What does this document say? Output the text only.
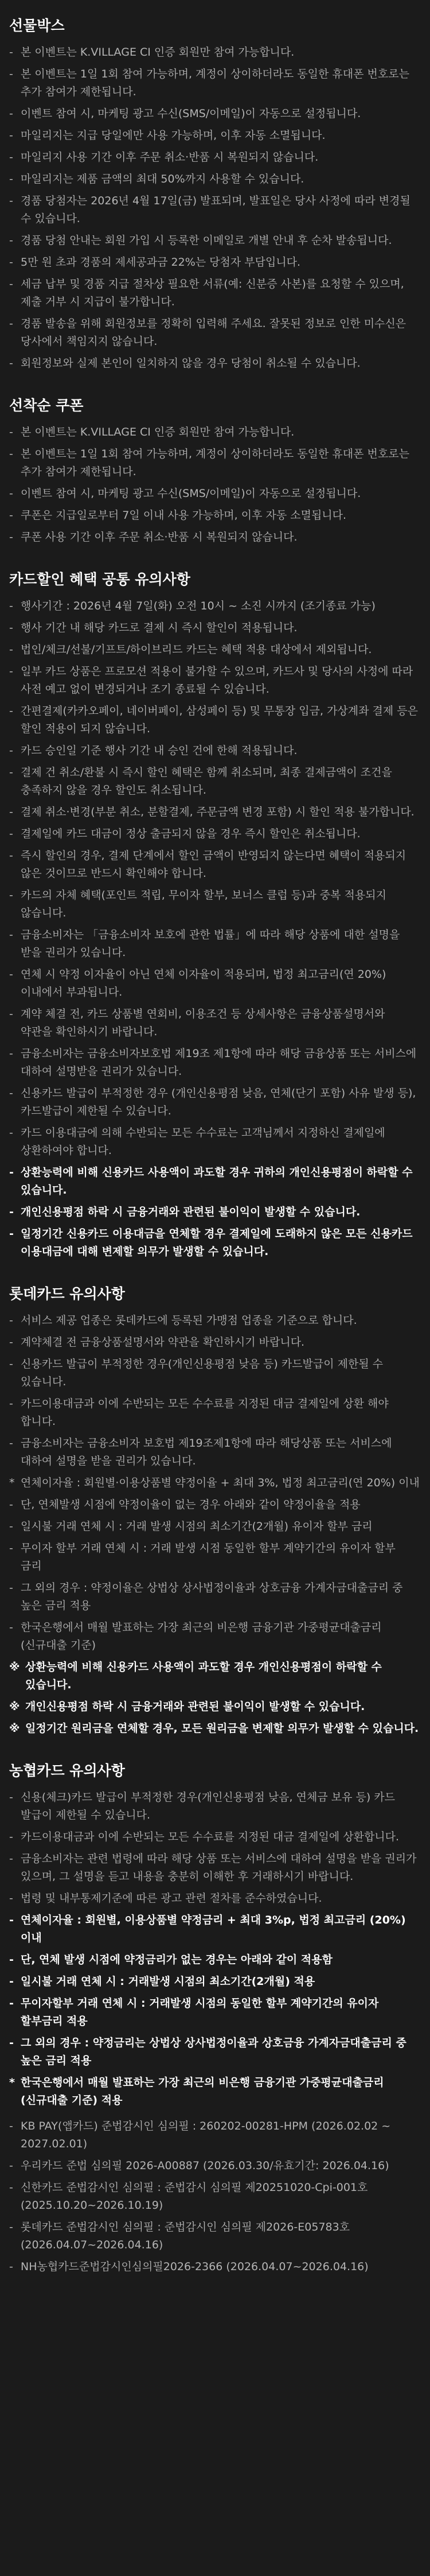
선물박스
- 본 이벤트는 K.VILLAGE CI 인증 회원만 참여 가능합니다.
- 본 이벤트는 1일 1회 참여 가능하며, 계정이 상이하더라도 동일한 휴대폰 번호로는 추가 참여가 제한됩니다.
- 이벤트 참여 시, 마케팅 광고 수신(SMS/이메일)이 자동으로 설정됩니다.
- 마일리지는 지급 당일에만 사용 가능하며, 이후 자동 소멸됩니다.
- 마일리지 사용 기간 이후 주문 취소·반품 시 복원되지 않습니다.
- 마일리지는 제품 금액의 최대 50%까지 사용할 수 있습니다.
- 경품 당첨자는 2026년 4월 17일(금) 발표되며, 발표일은 당사 사정에 따라 변경될 수 있습니다.
- 경품 당첨 안내는 회원 가입 시 등록한 이메일로 개별 안내 후 순차 발송됩니다.
- 5만 원 초과 경품의 제세공과금 22%는 당첨자 부담입니다.
- 세금 납부 및 경품 지급 절차상 필요한 서류(예: 신분증 사본)를 요청할 수 있으며, 제출 거부 시 지급이 불가합니다.
- 경품 발송을 위해 회원정보를 정확히 입력해 주세요. 잘못된 정보로 인한 미수신은 당사에서 책임지지 않습니다.
- 회원정보와 실제 본인이 일치하지 않을 경우 당첨이 취소될 수 있습니다.
선착순 쿠폰
- 본 이벤트는 K.VILLAGE CI 인증 회원만 참여 가능합니다.
- 본 이벤트는 1일 1회 참여 가능하며, 계정이 상이하더라도 동일한 휴대폰 번호로는 추가 참여가 제한됩니다.
- 이벤트 참여 시, 마케팅 광고 수신(SMS/이메일)이 자동으로 설정됩니다.
- 쿠폰은 지급일로부터 7일 이내 사용 가능하며, 이후 자동 소멸됩니다.
- 쿠폰 사용 기간 이후 주문 취소·반품 시 복원되지 않습니다.
카드할인 혜택 공통 유의사항
- 행사기간 : 2026년 4월 7일(화) 오전 10시 ~ 소진 시까지 (조기종료 가능)
- 행사 기간 내 해당 카드로 결제 시 즉시 할인이 적용됩니다.
- 법인/체크/선불/기프트/하이브리드 카드는 혜택 적용 대상에서 제외됩니다.
- 일부 카드 상품은 프로모션 적용이 불가할 수 있으며, 카드사 및 당사의 사정에 따라 사전 예고 없이 변경되거나 조기 종료될 수 있습니다.
- 간편결제(카카오페이, 네이버페이, 삼성페이 등) 및 무통장 입금, 가상계좌 결제 등은 할인 적용이 되지 않습니다.
- 카드 승인일 기준 행사 기간 내 승인 건에 한해 적용됩니다.
- 결제 건 취소/환불 시 즉시 할인 혜택은 함께 취소되며, 최종 결제금액이 조건을 충족하지 않을 경우 할인도 취소됩니다.
- 결제 취소·변경(부분 취소, 분할결제, 주문금액 변경 포함) 시 할인 적용 불가합니다.
- 결제일에 카드 대금이 정상 출금되지 않을 경우 즉시 할인은 취소됩니다.
- 즉시 할인의 경우, 결제 단계에서 할인 금액이 반영되지 않는다면 혜택이 적용되지 않은 것이므로 반드시 확인해야 합니다.
- 카드의 자체 혜택(포인트 적립, 무이자 할부, 보너스 클럽 등)과 중복 적용되지 않습니다.
- 금융소비자는 「금융소비자 보호에 관한 법률」에 따라 해당 상품에 대한 설명을 받을 권리가 있습니다.
- 연체 시 약정 이자율이 아닌 연체 이자율이 적용되며, 법정 최고금리(연 20%) 이내에서 부과됩니다.
- 계약 체결 전, 카드 상품별 연회비, 이용조건 등 상세사항은 금융상품설명서와 약관을 확인하시기 바랍니다.
- 금융소비자는 금융소비자보호법 제19조 제1항에 따라 해당 금융상품 또는 서비스에 대하여 설명받을 권리가 있습니다.
- 신용카드 발급이 부적정한 경우 (개인신용평점 낮음, 연체(단기 포함) 사유 발생 등), 카드발급이 제한될 수 있습니다.
- 카드 이용대금에 의해 수반되는 모든 수수료는 고객님께서 지정하신 결제일에 상환하여야 합니다.
- 상환능력에 비해 신용카드 사용액이 과도할 경우 귀하의 개인신용평점이 하락할 수 있습니다.
- 개인신용평점 하락 시 금융거래와 관련된 불이익이 발생할 수 있습니다.
- 일정기간 신용카드 이용대금을 연체할 경우 결제일에 도래하지 않은 모든 신용카드 이용대금에 대해 변제할 의무가 발생할 수 있습니다.
롯데카드 유의사항
- 서비스 제공 업종은 롯데카드에 등록된 가맹점 업종을 기준으로 합니다.
- 계약체결 전 금융상품설명서와 약관을 확인하시기 바랍니다.
- 신용카드 발급이 부적정한 경우(개인신용평점 낮음 등) 카드발급이 제한될 수 있습니다.
- 카드이용대금과 이에 수반되는 모든 수수료를 지정된 대금 결제일에 상환 해야 합니다.
- 금융소비자는 금융소비자 보호법 제19조제1항에 따라 해당상품 또는 서비스에 대하여 설명을 받을 권리가 있습니다.
* 연체이자율 : 회원별·이용상품별 약정이율 + 최대 3%, 법정 최고금리(연 20%) 이내
- 단, 연체발생 시점에 약정이율이 없는 경우 아래와 같이 약정이율을 적용
- 일시불 거래 연체 시 : 거래 발생 시점의 최소기간(2개월) 유이자 할부 금리
- 무이자 할부 거래 연체 시 : 거래 발생 시점 동일한 할부 계약기간의 유이자 할부 금리
- 그 외의 경우 : 약정이율은 상법상 상사법정이율과 상호금융 가계자금대출금리 중 높은 금리 적용
- 한국은행에서 매월 발표하는 가장 최근의 비은행 금융기관 가중평균대출금리(신규대출 기준)
※ 상환능력에 비해 신용카드 사용액이 과도할 경우 개인신용평점이 하락할 수 있습니다.
※ 개인신용평점 하락 시 금융거래와 관련된 불이익이 발생할 수 있습니다.
※ 일정기간 원리금을 연체할 경우, 모든 원리금을 변제할 의무가 발생할 수 있습니다.
농협카드 유의사항
- 신용(체크)카드 발급이 부적정한 경우(개인신용평점 낮음, 연체금 보유 등) 카드 발급이 제한될 수 있습니다.
- 카드이용대금과 이에 수반되는 모든 수수료를 지정된 대금 결제일에 상환합니다.
- 금융소비자는 관련 법령에 따라 해당 상품 또는 서비스에 대하여 설명을 받을 권리가 있으며, 그 설명을 듣고 내용을 충분히 이해한 후 거래하시기 바랍니다.
- 법령 및 내부통제기준에 따른 광고 관련 절차를 준수하였습니다.
- 연체이자율 : 회원별, 이용상품별 약정금리 + 최대 3%p, 법정 최고금리 (20%) 이내
- 단, 연체 발생 시점에 약정금리가 없는 경우는 아래와 같이 적용함
- 일시불 거래 연체 시 : 거래발생 시점의 최소기간(2개월) 적용
- 무이자할부 거래 연체 시 : 거래발생 시점의 동일한 할부 계약기간의 유이자 할부금리 적용
- 그 외의 경우 : 약정금리는 상법상 상사법정이율과 상호금융 가계자금대출금리 중 높은 금리 적용
* 한국은행에서 매월 발표하는 가장 최근의 비은행 금융기관 가중평균대출금리 (신규대출 기준) 적용
- KB PAY(앱카드) 준법감시인 심의필 : 260202-00281-HPM (2026.02.02 ~ 2027.02.01)
- 우리카드 준법 심의필 2026-A00887 (2026.03.30/유효기간: 2026.04.16)
- 신한카드 준법감시인 심의필 : 준법감시 심의필 제20251020-Cpi-001호 (2025.10.20~2026.10.19)
- 롯데카드 준법감시인 심의필 : 준법감시인 심의필 제2026-E05783호 (2026.04.07~2026.04.16)
- NH농협카드준법감시인심의필2026-2366 (2026.04.07~2026.04.16)
